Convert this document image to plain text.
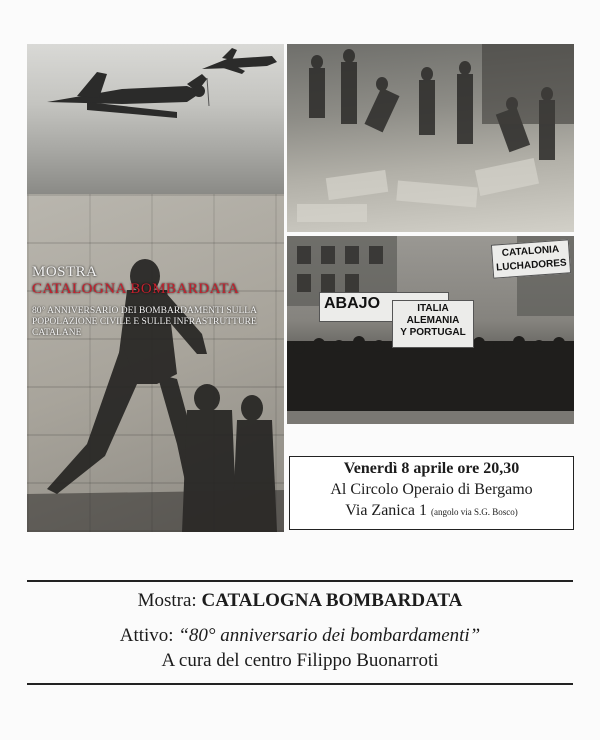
MOSTRA
CATALOGNA BOMBARDATA
80° ANNIVERSARIO DEI BOMBARDAMENTI SULLA POPOLAZIONE CIVILE E SULLE INFRASTRUTTURE CATALANE
ABAJO	ITALIA
ALEMANIA
Y PORTUGAL
CATALONIA
LUCHADORES
Venerdì 8 aprile ore 20,30
Al Circolo Operaio di Bergamo
Via Zanica 1 (angolo via S.G. Bosco)
Mostra: CATALOGNA BOMBARDATA
Attivo: “80° anniversario dei bombardamenti”
A cura del centro Filippo Buonarroti
